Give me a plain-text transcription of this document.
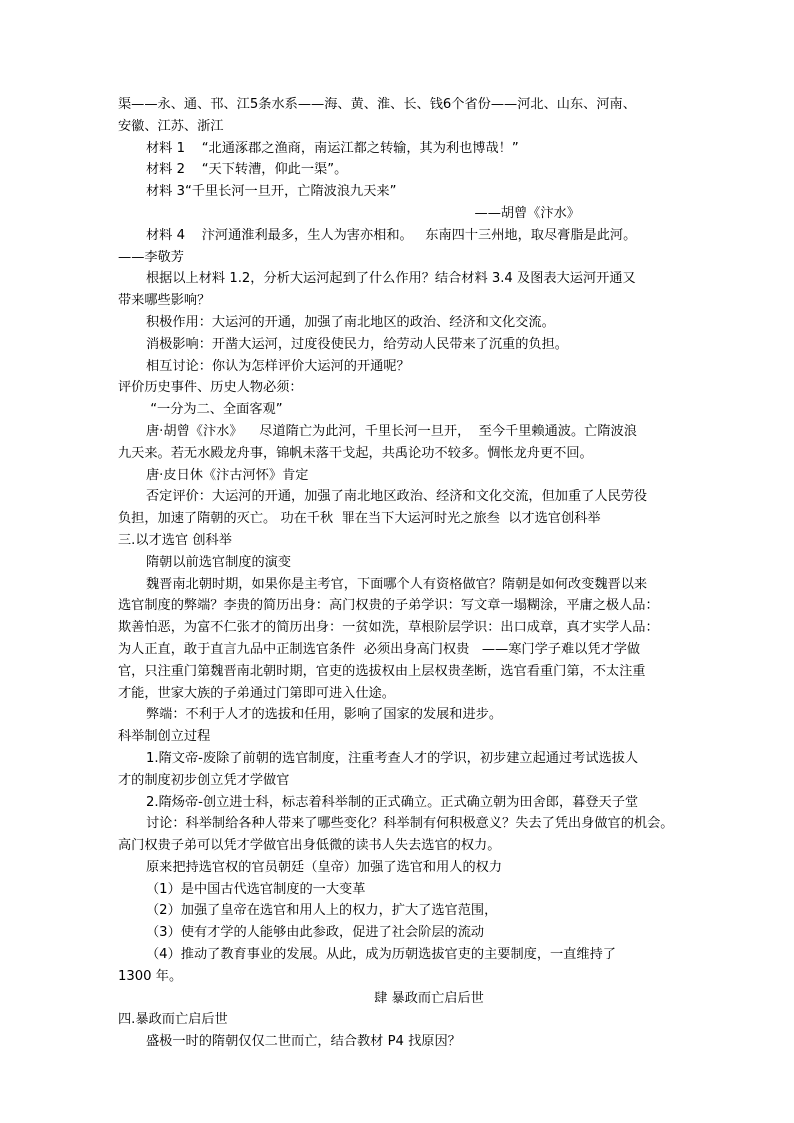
渠——永、通、邗、江5条水系——海、黄、淮、长、钱6个省份——河北、山东、河南、
安徽、江苏、浙江
材料 1    “北通涿郡之渔商，南运江都之转输，其为利也博哉！”
材料 2    “天下转漕，仰此一渠”。
材料 3“千里长河一旦开，亡隋波浪九天来”
——胡曾《汴水》
材料 4    汴河通淮利最多，生人为害亦相和。   东南四十三州地，取尽膏脂是此河。
——李敬芳
根据以上材料 1.2，分析大运河起到了什么作用？结合材料 3.4 及图表大运河开通又
带来哪些影响？
积极作用：大运河的开通，加强了南北地区的政治、经济和文化交流。
消极影响：开凿大运河，过度役使民力，给劳动人民带来了沉重的负担。
相互讨论：你认为怎样评价大运河的开通呢？
评价历史事件、历史人物必须：
“一分为二、全面客观”
唐·胡曾《汴水》    尽道隋亡为此河，千里长河一旦开，  至今千里赖通波。亡隋波浪
九天来。若无水殿龙舟事，锦帆未落干戈起，共禹论功不较多。惆怅龙舟更不回。
唐·皮日休《汴古河怀》肯定
否定评价：大运河的开通，加强了南北地区政治、经济和文化交流，但加重了人民劳役
负担，加速了隋朝的灭亡。 功在千秋  罪在当下大运河时光之旅叁  以才选官创科举
三.以才选官 创科举
隋朝以前选官制度的演变
魏晋南北朝时期，如果你是主考官，下面哪个人有资格做官？隋朝是如何改变魏晋以来
选官制度的弊端？李贵的简历出身：高门权贵的子弟学识：写文章一塌糊涂，平庸之极人品：
欺善怕恶，为富不仁张才的简历出身：一贫如洗，草根阶层学识：出口成章，真才实学人品：
为人正直，敢于直言九品中正制选官条件  必须出身高门权贵   ——寒门学子难以凭才学做
官，只注重门第魏晋南北朝时期，官吏的选拔权由上层权贵垄断，选官看重门第，不太注重
才能，世家大族的子弟通过门第即可进入仕途。
弊端：不利于人才的选拔和任用，影响了国家的发展和进步。
科举制创立过程
1.隋文帝-废除了前朝的选官制度，注重考查人才的学识，初步建立起通过考试选拔人
才的制度初步创立凭才学做官
2.隋炀帝-创立进士科，标志着科举制的正式确立。正式确立朝为田舍郎，暮登天子堂
讨论：科举制给各种人带来了哪些变化？科举制有何积极意义？失去了凭出身做官的机会。
高门权贵子弟可以凭才学做官出身低微的读书人失去选官的权力。
原来把持选官权的官员朝廷（皇帝）加强了选官和用人的权力
（1）是中国古代选官制度的一大变革
（2）加强了皇帝在选官和用人上的权力，扩大了选官范围，
（3）使有才学的人能够由此参政，促进了社会阶层的流动
（4）推动了教育事业的发展。从此，成为历朝选拔官吏的主要制度，一直维持了
1300 年。
肆 暴政而亡启后世
四.暴政而亡启后世
盛极一时的隋朝仅仅二世而亡，结合教材 P4 找原因？
